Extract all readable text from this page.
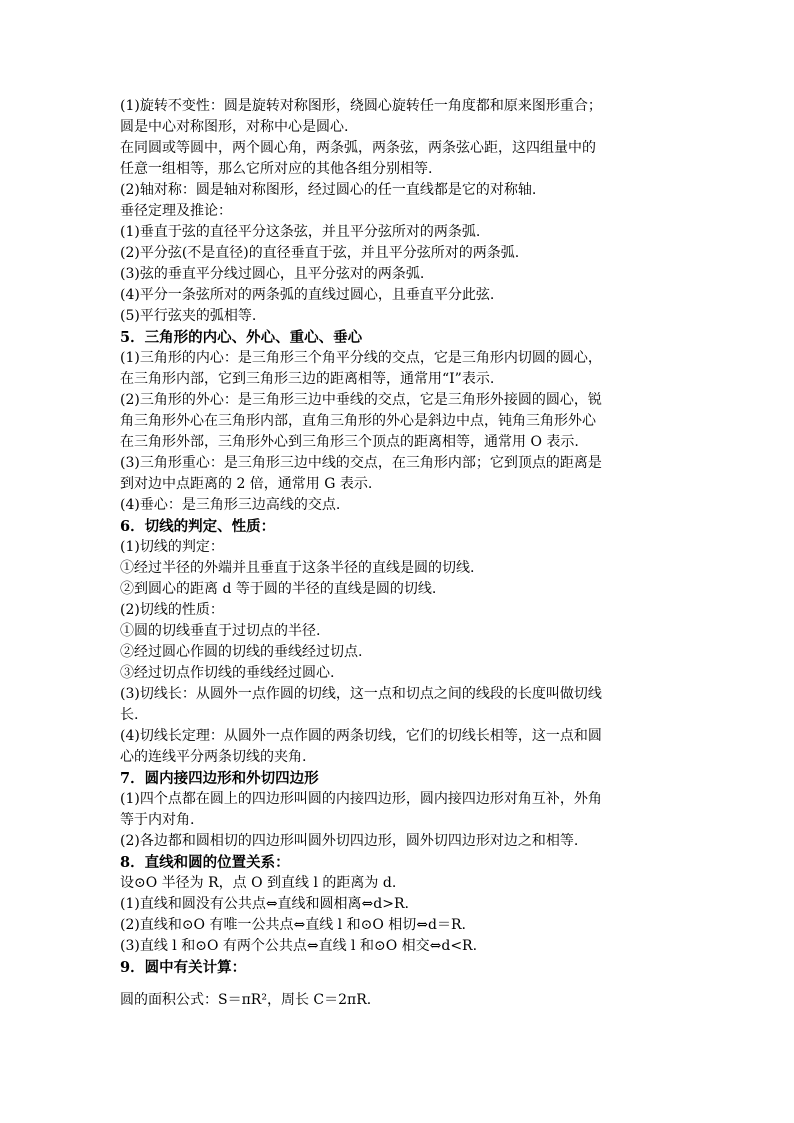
(1)旋转不变性：圆是旋转对称图形，绕圆心旋转任一角度都和原来图形重合；
圆是中心对称图形，对称中心是圆心.
在同圆或等圆中，两个圆心角，两条弧，两条弦，两条弦心距，这四组量中的
任意一组相等，那么它所对应的其他各组分别相等.
(2)轴对称：圆是轴对称图形，经过圆心的任一直线都是它的对称轴.
垂径定理及推论：
(1)垂直于弦的直径平分这条弦，并且平分弦所对的两条弧.
(2)平分弦(不是直径)的直径垂直于弦，并且平分弦所对的两条弧.
(3)弦的垂直平分线过圆心，且平分弦对的两条弧.
(4)平分一条弦所对的两条弧的直线过圆心，且垂直平分此弦.
(5)平行弦夹的弧相等.
5．三角形的内心、外心、重心、垂心
(1)三角形的内心：是三角形三个角平分线的交点，它是三角形内切圆的圆心，
在三角形内部，它到三角形三边的距离相等，通常用“I”表示.
(2)三角形的外心：是三角形三边中垂线的交点，它是三角形外接圆的圆心，锐
角三角形外心在三角形内部，直角三角形的外心是斜边中点，钝角三角形外心
在三角形外部，三角形外心到三角形三个顶点的距离相等，通常用 O 表示.
(3)三角形重心：是三角形三边中线的交点，在三角形内部；它到顶点的距离是
到对边中点距离的 2 倍，通常用 G 表示.
(4)垂心：是三角形三边高线的交点.
6．切线的判定、性质：
(1)切线的判定：
①经过半径的外端并且垂直于这条半径的直线是圆的切线.
②到圆心的距离 d 等于圆的半径的直线是圆的切线.
(2)切线的性质：
①圆的切线垂直于过切点的半径.
②经过圆心作圆的切线的垂线经过切点.
③经过切点作切线的垂线经过圆心.
(3)切线长：从圆外一点作圆的切线，这一点和切点之间的线段的长度叫做切线
长.
(4)切线长定理：从圆外一点作圆的两条切线，它们的切线长相等，这一点和圆
心的连线平分两条切线的夹角.
7．圆内接四边形和外切四边形
(1)四个点都在圆上的四边形叫圆的内接四边形，圆内接四边形对角互补，外角
等于内对角.
(2)各边都和圆相切的四边形叫圆外切四边形，圆外切四边形对边之和相等.
8．直线和圆的位置关系：
设⊙O 半径为 R，点 O 到直线 l 的距离为 d.
(1)直线和圆没有公共点⇔直线和圆相离⇔d>R.
(2)直线和⊙O 有唯一公共点⇔直线 l 和⊙O 相切⇔d＝R.
(3)直线 l 和⊙O 有两个公共点⇔直线 l 和⊙O 相交⇔d<R.
9．圆中有关计算：
圆的面积公式：S＝πR²，周长 C＝2πR.
